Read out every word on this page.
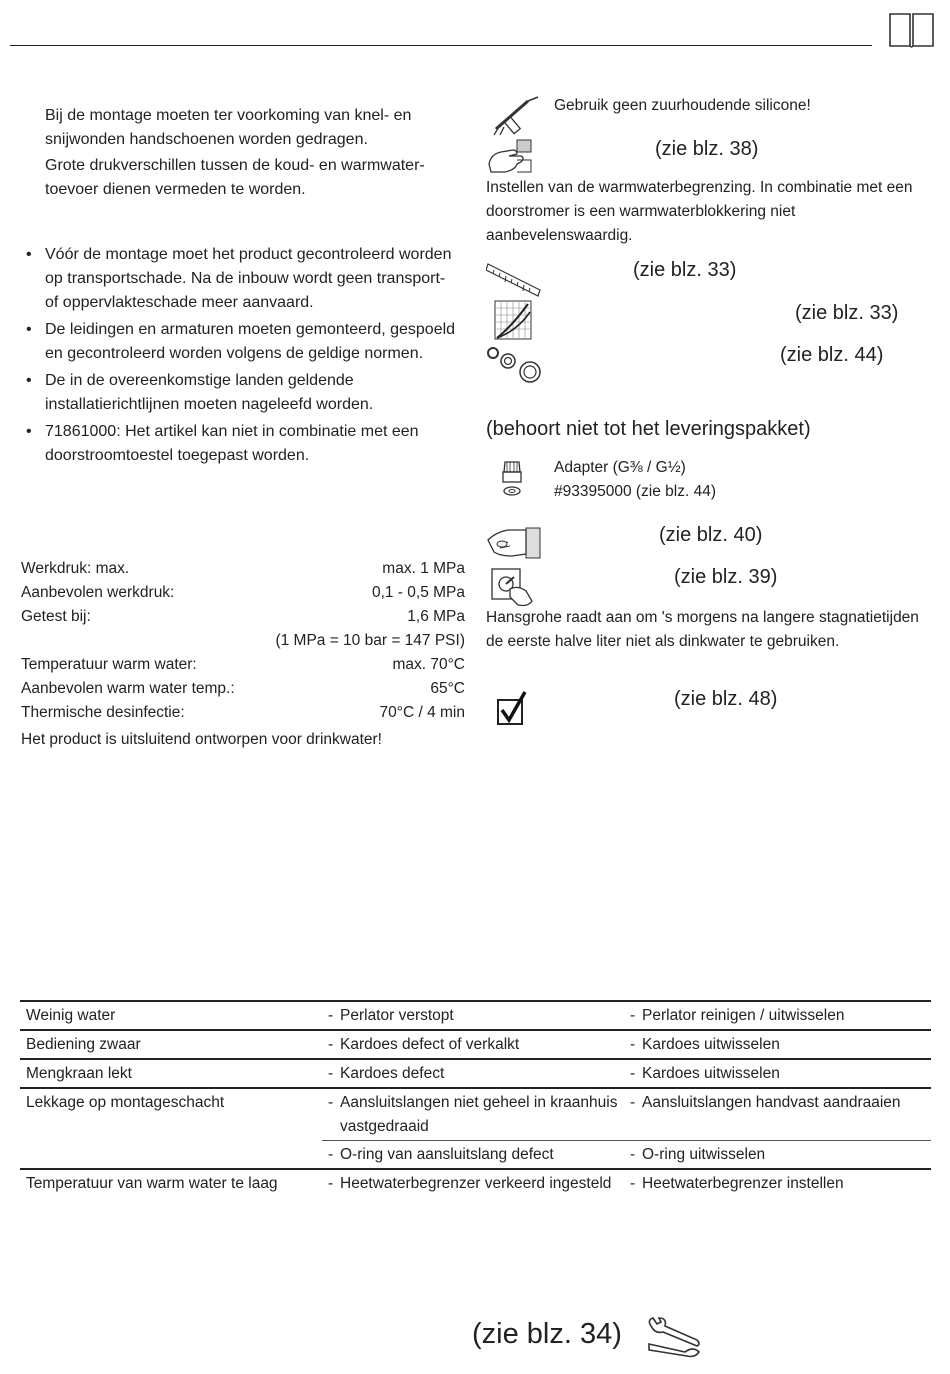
Bij de montage moeten ter voorkoming van knel- en snijwonden handschoenen worden gedragen.
Grote drukverschillen tussen de koud- en warmwater-toevoer dienen vermeden te worden.
• Vóór de montage moet het product gecontroleerd worden op transportschade. Na de inbouw wordt geen transport- of oppervlakteschade meer aanvaard.
• De leidingen en armaturen moeten gemonteerd, gespoeld en gecontroleerd worden volgens de geldige normen.
• De in de overeenkomstige landen geldende installatierichtlijnen moeten nageleefd worden.
• 71861000: Het artikel kan niet in combinatie met een doorstroomtoestel toegepast worden.
Werkdruk: max.	max. 1 MPa
Aanbevolen werkdruk:	0,1 - 0,5 MPa
Getest bij:	1,6 MPa
(1 MPa = 10 bar = 147 PSI)
Temperatuur warm water:	max. 70°C
Aanbevolen warm water temp.:	65°C
Thermische desinfectie:	70°C / 4 min
Het product is uitsluitend ontworpen voor drinkwater!
Gebruik geen zuurhoudende silicone!
(zie blz. 38)
Instellen van de warmwaterbegrenzing. In combinatie met een doorstromer is een warmwaterblokkering niet aanbevelenswaardig.
(zie blz. 33)
(zie blz. 33)
(zie blz. 44)
(behoort niet tot het leveringspakket)
Adapter (G⅜ / G½)
#93395000 (zie blz. 44)
(zie blz. 40)
(zie blz. 39)
Hansgrohe raadt aan om 's morgens na langere stagnatietijden de eerste halve liter niet als dinkwater te gebruiken.
(zie blz. 48)
Weinig water	- Perlator verstopt	- Perlator reinigen / uitwisselen

Bediening zwaar	- Kardoes defect of verkalkt	- Kardoes uitwisselen

Mengkraan lekt	- Kardoes defect	- Kardoes uitwisselen

Lekkage op montageschacht	- Aansluitslangen niet geheel in kraanhuis vastgedraaid	- Aansluitslangen handvast aandraaien

	- O-ring van aansluitslang defect	- O-ring uitwisselen

Temperatuur van warm water te laag	- Heetwaterbegrenzer verkeerd ingesteld	- Heetwaterbegrenzer instellen
(zie blz. 34)
